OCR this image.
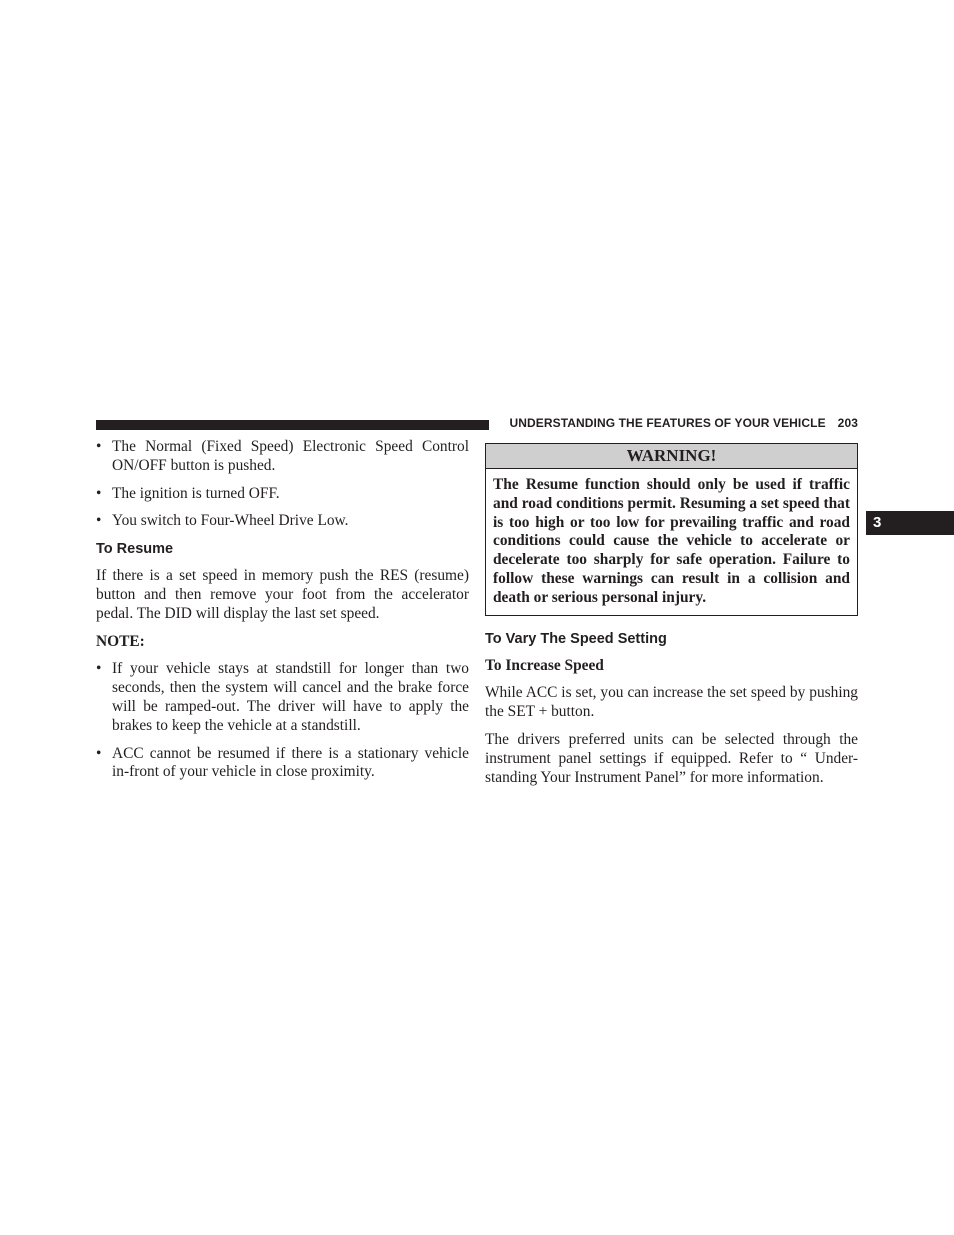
UNDERSTANDING THE FEATURES OF YOUR VEHICLE 203
3
• The Normal (Fixed Speed) Electronic Speed Control ON/OFF button is pushed.
• The ignition is turned OFF.
• You switch to Four-Wheel Drive Low.
To Resume

If there is a set speed in memory push the RES (resume) button and then remove your foot from the accelerator pedal. The DID will display the last set speed.

NOTE:
• If your vehicle stays at standstill for longer than two seconds, then the system will cancel and the brake force will be ramped-out. The driver will have to apply the brakes to keep the vehicle at a standstill.
• ACC cannot be resumed if there is a stationary vehicle in-front of your vehicle in close proximity.
WARNING!

The Resume function should only be used if traffic and road conditions permit. Resuming a set speed that is too high or too low for prevailing traffic and road conditions could cause the vehicle to accelerate or decelerate too sharply for safe operation. Failure to follow these warnings can result in a collision and death or serious personal injury.

To Vary The Speed Setting
To Increase Speed

While ACC is set, you can increase the set speed by pushing the SET + button.

The drivers preferred units can be selected through the instrument panel settings if equipped. Refer to “ Under- standing Your Instrument Panel” for more information.
